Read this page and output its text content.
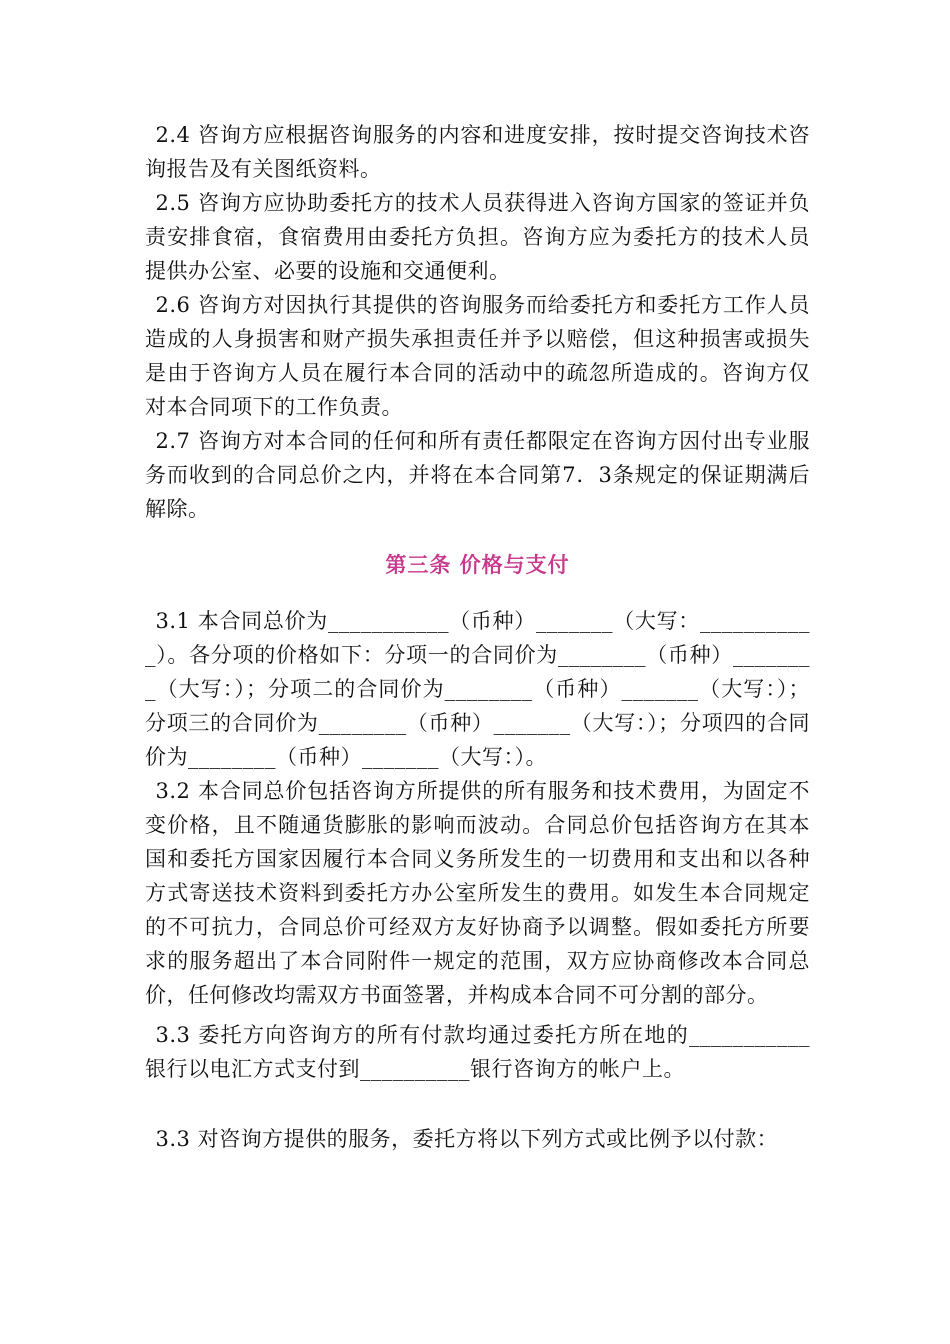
2.4 咨询方应根据咨询服务的内容和进度安排，按时提交咨询技术咨询报告及有关图纸资料。

2.5 咨询方应协助委托方的技术人员获得进入咨询方国家的签证并负责安排食宿，食宿费用由委托方负担。咨询方应为委托方的技术人员提供办公室、必要的设施和交通便利。

2.6 咨询方对因执行其提供的咨询服务而给委托方和委托方工作人员造成的人身损害和财产损失承担责任并予以赔偿，但这种损害或损失是由于咨询方人员在履行本合同的活动中的疏忽所造成的。咨询方仅对本合同项下的工作负责。

2.7 咨询方对本合同的任何和所有责任都限定在咨询方因付出专业服务而收到的合同总价之内，并将在本合同第7．3条规定的保证期满后解除。

第三条 价格与支付

3.1 本合同总价为___________（币种）_______（大写：___________）。各分项的价格如下：分项一的合同价为________（币种）________（大写：）；分项二的合同价为________（币种）_______（大写：）；分项三的合同价为________（币种）_______（大写：）；分项四的合同价为________（币种）_______（大写：）。

3.2 本合同总价包括咨询方所提供的所有服务和技术费用，为固定不变价格，且不随通货膨胀的影响而波动。合同总价包括咨询方在其本国和委托方国家因履行本合同义务所发生的一切费用和支出和以各种方式寄送技术资料到委托方办公室所发生的费用。如发生本合同规定的不可抗力，合同总价可经双方友好协商予以调整。假如委托方所要求的服务超出了本合同附件一规定的范围，双方应协商修改本合同总价，任何修改均需双方书面签署，并构成本合同不可分割的部分。

3.3 委托方向咨询方的所有付款均通过委托方所在地的___________银行以电汇方式支付到__________银行咨询方的帐户上。

3.3 对咨询方提供的服务，委托方将以下列方式或比例予以付款：
